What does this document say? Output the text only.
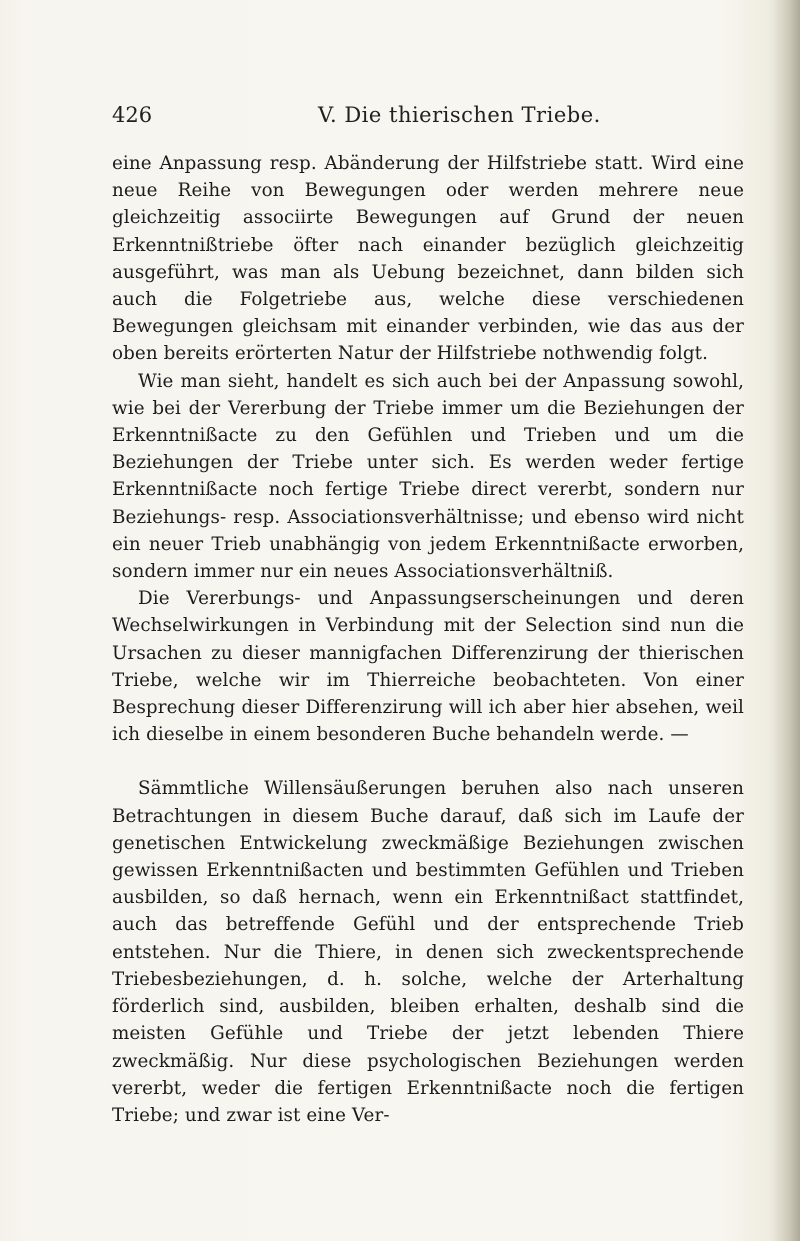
426	V. Die thierischen Triebe.

eine Anpassung resp. Abänderung der Hilfstriebe statt. Wird eine neue Reihe von Bewegungen oder werden mehrere neue gleichzeitig associirte Bewegungen auf Grund der neuen Erkenntnißtriebe öfter nach einander bezüglich gleichzeitig ausgeführt, was man als Uebung bezeichnet, dann bilden sich auch die Folgetriebe aus, welche diese verschiedenen Bewegungen gleichsam mit einander verbinden, wie das aus der oben bereits erörterten Natur der Hilfstriebe nothwendig folgt.

Wie man sieht, handelt es sich auch bei der Anpassung sowohl, wie bei der Vererbung der Triebe immer um die Beziehungen der Erkenntnißacte zu den Gefühlen und Trieben und um die Beziehungen der Triebe unter sich. Es werden weder fertige Erkenntnißacte noch fertige Triebe direct vererbt, sondern nur Beziehungs- resp. Associationsverhältnisse; und ebenso wird nicht ein neuer Trieb unabhängig von jedem Erkenntnißacte erworben, sondern immer nur ein neues Associationsverhältniß.

Die Vererbungs- und Anpassungserscheinungen und deren Wechselwirkungen in Verbindung mit der Selection sind nun die Ursachen zu dieser mannigfachen Differenzirung der thierischen Triebe, welche wir im Thierreiche beobachteten. Von einer Besprechung dieser Differenzirung will ich aber hier absehen, weil ich dieselbe in einem besonderen Buche behandeln werde. —

Sämmtliche Willensäußerungen beruhen also nach unseren Betrachtungen in diesem Buche darauf, daß sich im Laufe der genetischen Entwickelung zweckmäßige Beziehungen zwischen gewissen Erkenntnißacten und bestimmten Gefühlen und Trieben ausbilden, so daß hernach, wenn ein Erkenntnißact stattfindet, auch das betreffende Gefühl und der entsprechende Trieb entstehen. Nur die Thiere, in denen sich zweckentsprechende Triebesbeziehungen, d. h. solche, welche der Arterhaltung förderlich sind, ausbilden, bleiben erhalten, deshalb sind die meisten Gefühle und Triebe der jetzt lebenden Thiere zweckmäßig. Nur diese psychologischen Beziehungen werden vererbt, weder die fertigen Erkenntnißacte noch die fertigen Triebe; und zwar ist eine Ver-
